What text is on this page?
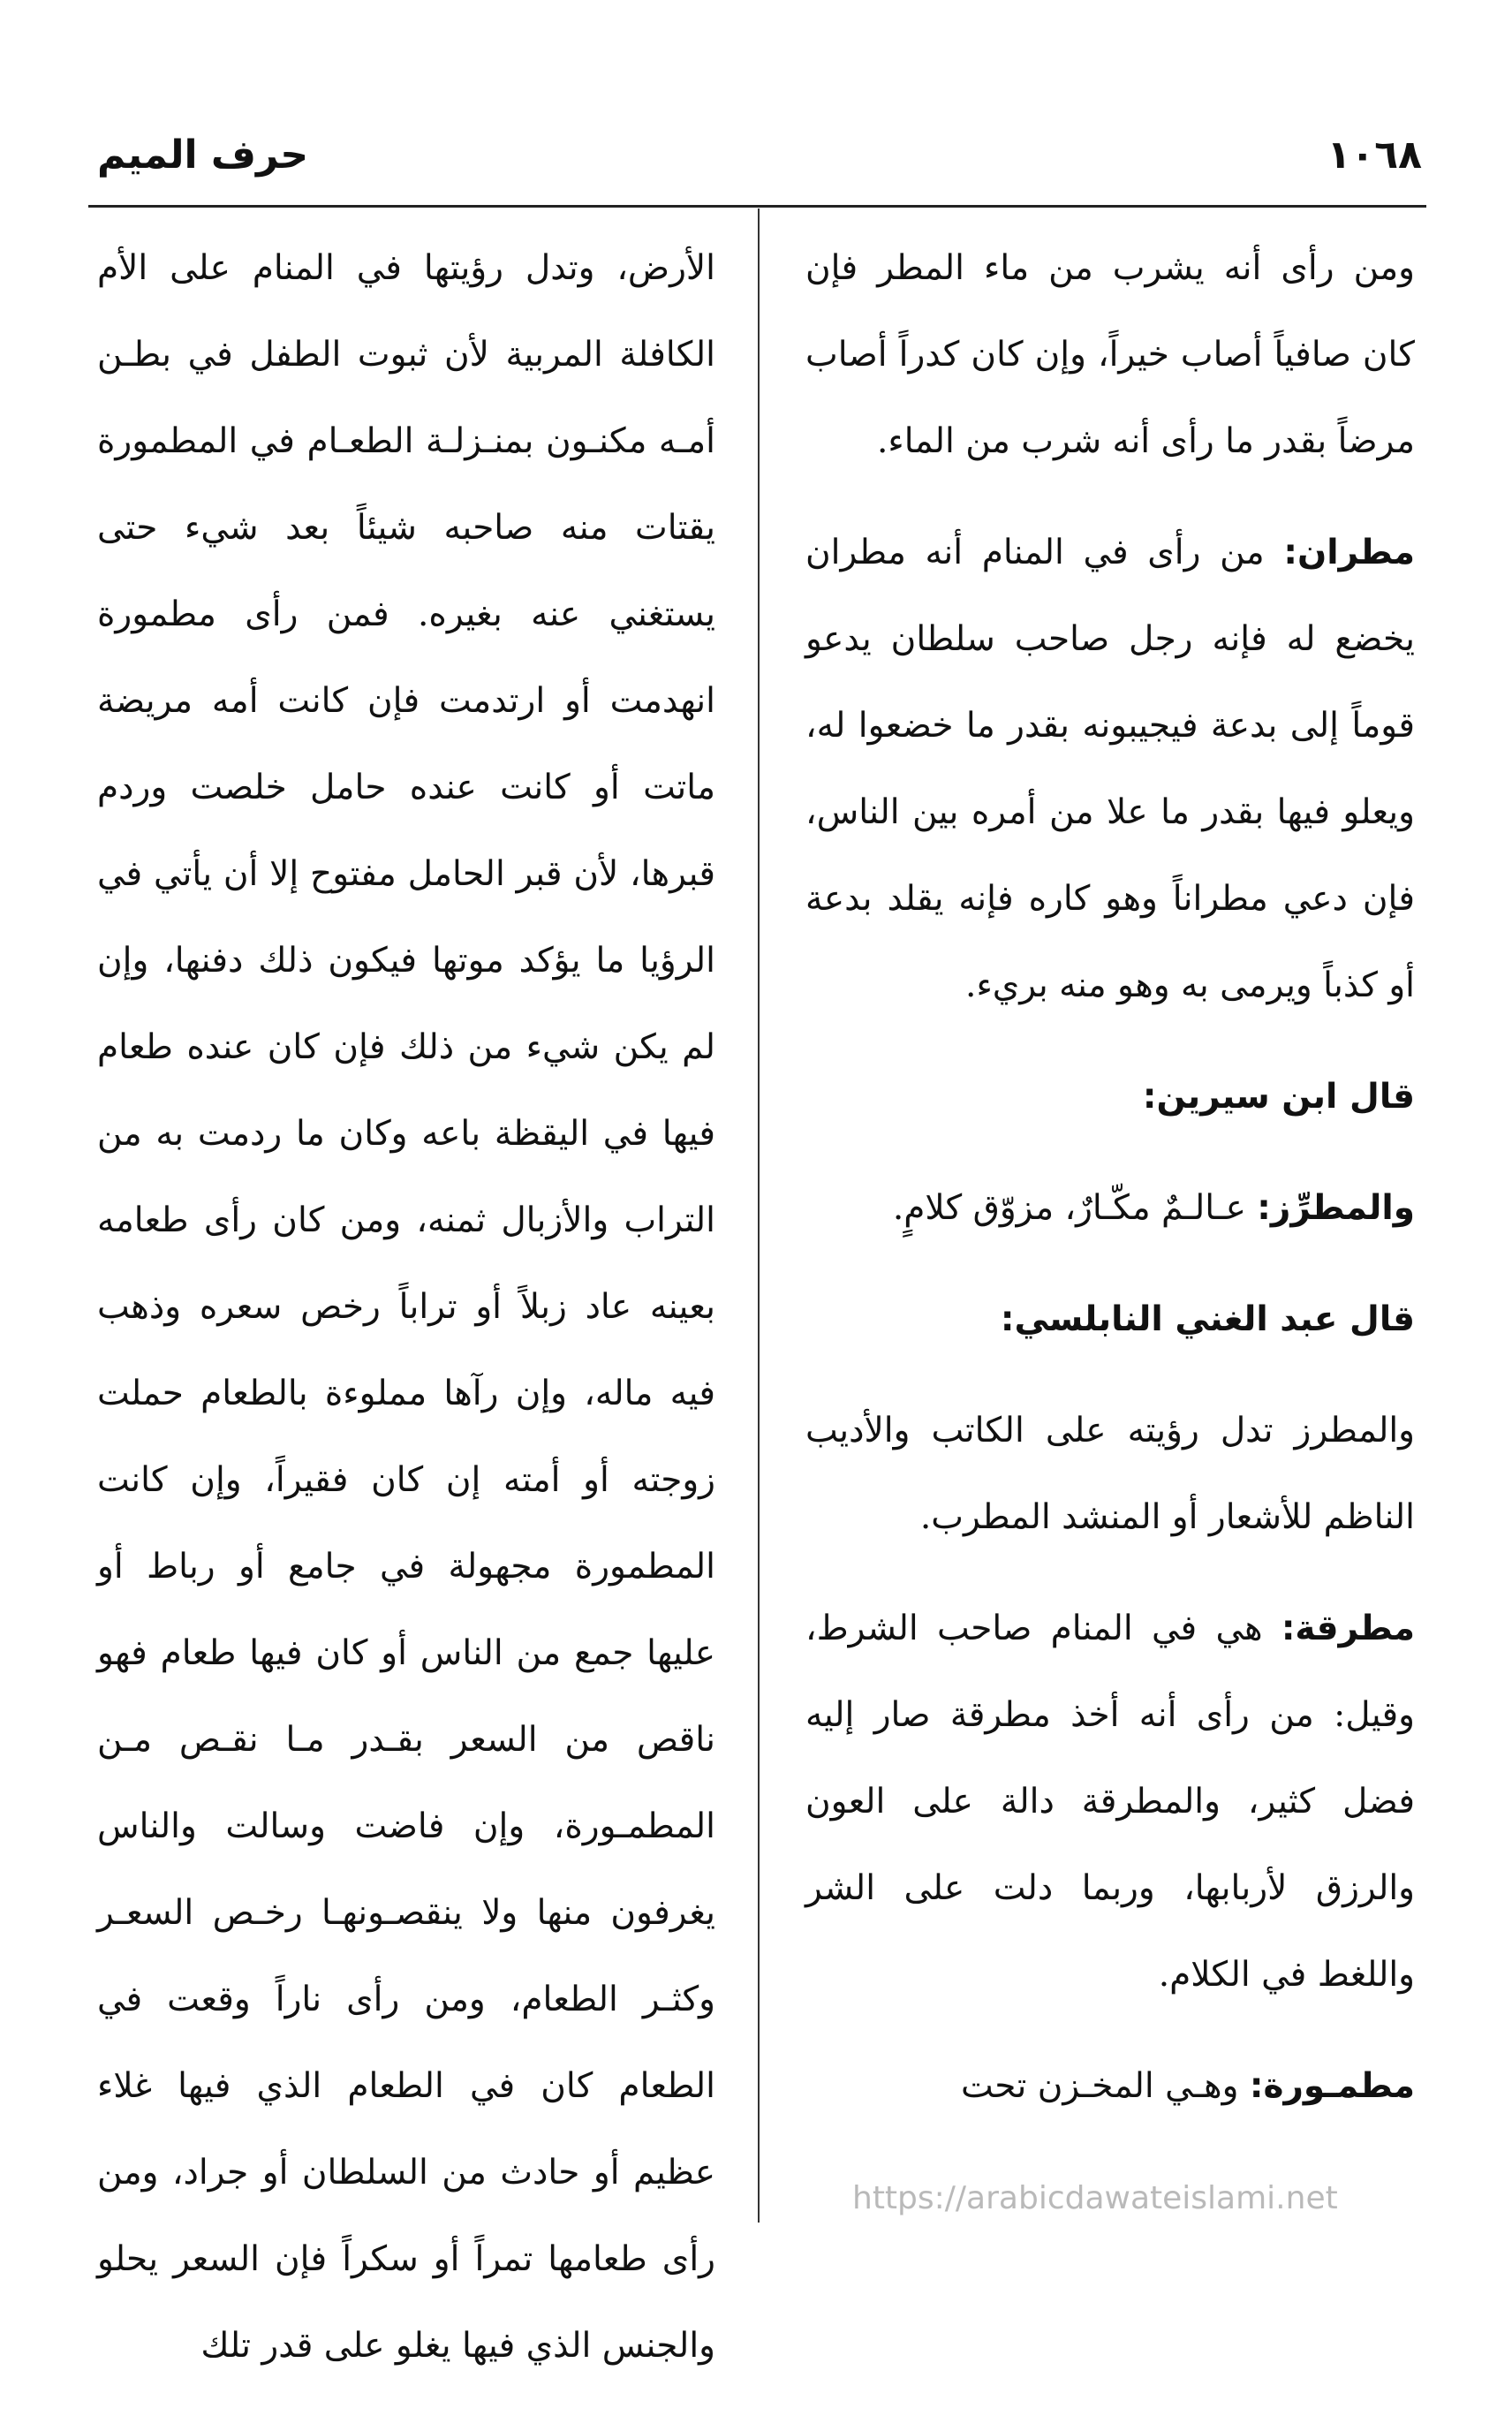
١٠٦٨
حرف الميم

ومن رأى أنه يشرب من ماء المطر فإن كان صافياً أصاب خيراً، وإن كان كدراً أصاب مرضاً بقدر ما رأى أنه شرب من الماء.

مطران: من رأى في المنام أنه مطران يخضع له فإنه رجل صاحب سلطان يدعو قوماً إلى بدعة فيجيبونه بقدر ما خضعوا له، ويعلو فيها بقدر ما علا من أمره بين الناس، فإن دعي مطراناً وهو كاره فإنه يقلد بدعة أو كذباً ويرمى به وهو منه بريء.

قال ابن سيرين:

والمطرِّز: عـالـمٌ مكّـارٌ، مزوّق كلامٍ.

قال عبد الغني النابلسي:

والمطرز تدل رؤيته على الكاتب والأديب الناظم للأشعار أو المنشد المطرب.

مطرقة: هي في المنام صاحب الشرط، وقيل: من رأى أنه أخذ مطرقة صار إليه فضل كثير، والمطرقة دالة على العون والرزق لأربابها، وربما دلت على الشر واللغط في الكلام.

مطمـورة: وهـي المخـزن تحت

الأرض، وتدل رؤيتها في المنام على الأم الكافلة المربية لأن ثبوت الطفل في بطـن أمـه مكنـون بمنـزلـة الطعـام في المطمورة يقتات منه صاحبه شيئاً بعد شيء حتى يستغني عنه بغيره. فمن رأى مطمورة انهدمت أو ارتدمت فإن كانت أمه مريضة ماتت أو كانت عنده حامل خلصت وردم قبرها، لأن قبر الحامل مفتوح إلا أن يأتي في الرؤيا ما يؤكد موتها فيكون ذلك دفنها، وإن لم يكن شيء من ذلك فإن كان عنده طعام فيها في اليقظة باعه وكان ما ردمت به من التراب والأزبال ثمنه، ومن كان رأى طعامه بعينه عاد زبلاً أو تراباً رخص سعره وذهب فيه ماله، وإن رآها مملوءة بالطعام حملت زوجته أو أمته إن كان فقيراً، وإن كانت المطمورة مجهولة في جامع أو رباط أو عليها جمع من الناس أو كان فيها طعام فهو ناقص من السعر بقـدر مـا نقـص مـن المطمـورة، وإن فاضت وسالت والناس يغرفون منها ولا ينقصـونهـا رخـص السعـر وكثـر الطعام، ومن رأى ناراً وقعت في الطعام كان في الطعام الذي فيها غلاء عظيم أو حادث من السلطان أو جراد، ومن رأى طعامها تمراً أو سكراً فإن السعر يحلو والجنس الذي فيها يغلو على قدر تلك

https://arabicdawateislami.net
